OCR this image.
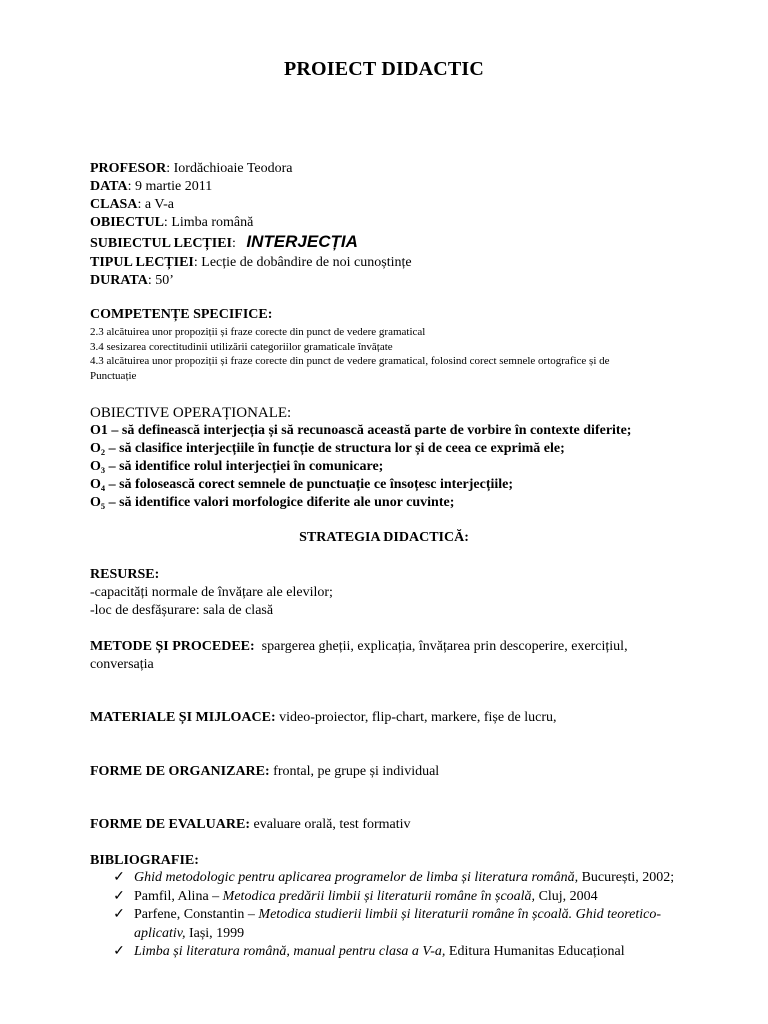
PROIECT DIDACTIC
PROFESOR: Iordăchioaie Teodora
DATA: 9 martie 2011
CLASA: a V-a
OBIECTUL: Limba română
SUBIECTUL LECȚIEI:   INTERJECȚIA
TIPUL LECȚIEI: Lecție de dobândire de noi cunoștințe
DURATA: 50’
COMPETENȚE SPECIFICE:
2.3 alcătuirea unor propoziții și fraze corecte din punct de vedere gramatical
3.4 sesizarea corectitudinii utilizării categoriilor gramaticale învățate
4.3 alcătuirea unor propoziții și fraze corecte din punct de vedere gramatical, folosind corect semnele ortografice și de
Punctuație
OBIECTIVE OPERAȚIONALE:
O1 – să definească interjecția și să recunoască această parte de vorbire în contexte diferite;
O₂ – să clasifice interjecțiile în funcție de structura lor și de ceea ce exprimă ele;
O₃ – să identifice rolul interjecției în comunicare;
O₄ – să folosească corect semnele de punctuație ce însoțesc interjecțiile;
O₅ – să identifice valori morfologice diferite ale unor cuvinte;
STRATEGIA DIDACTICĂ:
RESURSE:
-capacități normale de învățare ale elevilor;
-loc de desfășurare: sala de clasă
METODE ȘI PROCEDEE:  spargerea gheții, explicația, învățarea prin descoperire, exercițiul,
conversația
MATERIALE ȘI MIJLOACE: video-proiector, flip-chart, markere, fișe de lucru,
FORME DE ORGANIZARE: frontal, pe grupe și individual
FORME DE EVALUARE: evaluare orală, test formativ
BIBLIOGRAFIE:
✓ Ghid metodologic pentru aplicarea programelor de limba și literatura română, București, 2002;
✓ Pamfil, Alina – Metodica predării limbii și literaturii române în școală, Cluj, 2004
✓ Parfene, Constantin – Metodica studierii limbii și literaturii române în școală. Ghid teoretico-
aplicativ, Iași, 1999
✓ Limba și literatura română, manual pentru clasa a V-a, Editura Humanitas Educațional
